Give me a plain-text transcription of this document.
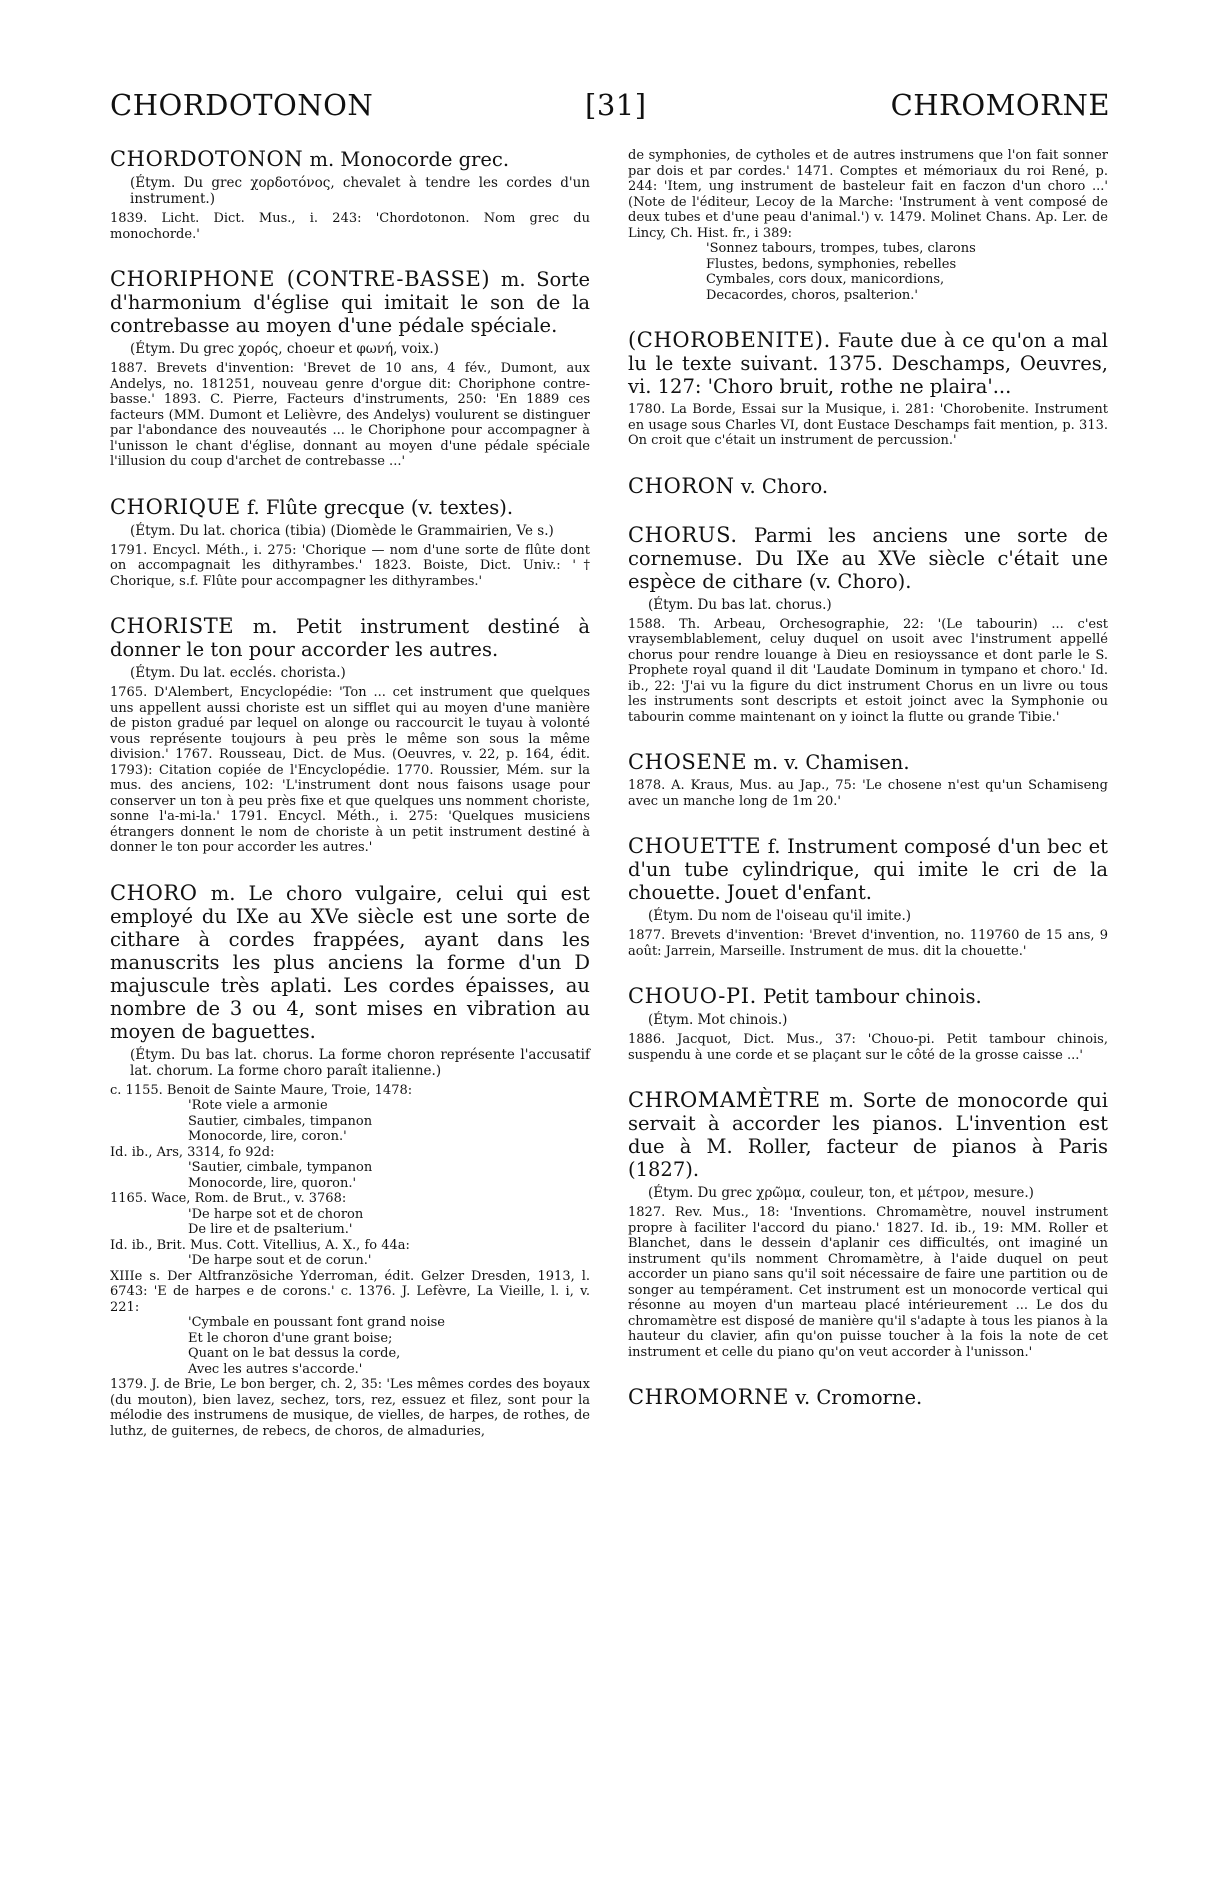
CHORDOTONON	[31]	CHROMORNE

CHORDOTONON m. Monocorde grec.

(Étym. Du grec χορδοτόνος, chevalet à tendre les cordes d'un instrument.)

1839. Licht. Dict. Mus., i. 243: 'Chordotonon. Nom grec du monochorde.'

CHORIPHONE (CONTRE-BASSE) m. Sorte d'harmonium d'église qui imitait le son de la contrebasse au moyen d'une pédale spéciale.

(Étym. Du grec χορός, choeur et φωνή, voix.)

1887. Brevets d'invention: 'Brevet de 10 ans, 4 fév., Dumont, aux Andelys, no. 181251, nouveau genre d'orgue dit: Choriphone contre-basse.' 1893. C. Pierre, Facteurs d'instruments, 250: 'En 1889 ces facteurs (MM. Dumont et Lelièvre, des Andelys) voulurent se distinguer par l'abondance des nouveautés ... le Choriphone pour accompagner à l'unisson le chant d'église, donnant au moyen d'une pédale spéciale l'illusion du coup d'archet de contrebasse ...'

CHORIQUE f. Flûte grecque (v. textes).

(Étym. Du lat. chorica (tibia) (Diomède le Grammairien, Ve s.)

1791. Encycl. Méth., i. 275: 'Chorique — nom d'une sorte de flûte dont on accompagnait les dithyrambes.' 1823. Boiste, Dict. Univ.: '† Chorique, s.f. Flûte pour accompagner les dithyrambes.'

CHORISTE m. Petit instrument destiné à donner le ton pour accorder les autres.

(Étym. Du lat. ecclés. chorista.)

1765. D'Alembert, Encyclopédie: 'Ton ... cet instrument que quelques uns appellent aussi choriste est un sifflet qui au moyen d'une manière de piston gradué par lequel on alonge ou raccourcit le tuyau à volonté vous représente toujours à peu près le même son sous la même division.' 1767. Rousseau, Dict. de Mus. (Oeuvres, v. 22, p. 164, édit. 1793): Citation copiée de l'Encyclopédie. 1770. Roussier, Mém. sur la mus. des anciens, 102: 'L'instrument dont nous faisons usage pour conserver un ton à peu près fixe et que quelques uns nomment choriste, sonne l'a-mi-la.' 1791. Encycl. Méth., i. 275: 'Quelques musiciens étrangers donnent le nom de choriste à un petit instrument destiné à donner le ton pour accorder les autres.'

CHORO m. Le choro vulgaire, celui qui est employé du IXe au XVe siècle est une sorte de cithare à cordes frappées, ayant dans les manuscrits les plus anciens la forme d'un D majuscule très aplati. Les cordes épaisses, au nombre de 3 ou 4, sont mises en vibration au moyen de baguettes.

(Étym. Du bas lat. chorus. La forme choron représente l'accusatif lat. chorum. La forme choro paraît italienne.)

c. 1155. Benoit de Sainte Maure, Troie, 1478:

'Rote viele a armonie
Sautier, cimbales, timpanon
Monocorde, lire, coron.'

Id. ib., Ars, 3314, fo 92d:

'Sautier, cimbale, tympanon
Monocorde, lire, quoron.'

1165. Wace, Rom. de Brut., v. 3768:

'De harpe sot et de choron
De lire et de psalterium.'

Id. ib., Brit. Mus. Cott. Vitellius, A. X., fo 44a:

'De harpe sout et de corun.'

XIIIe s. Der Altfranzösiche Yderroman, édit. Gelzer Dresden, 1913, l. 6743: 'E de harpes e de corons.' c. 1376. J. Lefèvre, La Vieille, l. i, v. 221:

'Cymbale en poussant font grand noise
Et le choron d'une grant boise;
Quant on le bat dessus la corde,
Avec les autres s'accorde.'

1379. J. de Brie, Le bon berger, ch. 2, 35: 'Les mêmes cordes des boyaux (du mouton), bien lavez, sechez, tors, rez, essuez et filez, sont pour la mélodie des instrumens de musique, de vielles, de harpes, de rothes, de luthz, de guiternes, de rebecs, de choros, de almaduries,

de symphonies, de cytholes et de autres instrumens que l'on fait sonner par dois et par cordes.' 1471. Comptes et mémoriaux du roi René, p. 244: 'Item, ung instrument de basteleur fait en faczon d'un choro ...' (Note de l'éditeur, Lecoy de la Marche: 'Instrument à vent composé de deux tubes et d'une peau d'animal.') v. 1479. Molinet Chans. Ap. Ler. de Lincy, Ch. Hist. fr., i 389:

'Sonnez tabours, trompes, tubes, clarons
Flustes, bedons, symphonies, rebelles
Cymbales, cors doux, manicordions,
Decacordes, choros, psalterion.'

(CHOROBENITE). Faute due à ce qu'on a mal lu le texte suivant. 1375. Deschamps, Oeuvres, vi. 127: 'Choro bruit, rothe ne plaira'...

1780. La Borde, Essai sur la Musique, i. 281: 'Chorobenite. Instrument en usage sous Charles VI, dont Eustace Deschamps fait mention, p. 313. On croit que c'était un instrument de percussion.'

CHORON v. Choro.

CHORUS. Parmi les anciens une sorte de cornemuse. Du IXe au XVe siècle c'était une espèce de cithare (v. Choro).

(Étym. Du bas lat. chorus.)

1588. Th. Arbeau, Orchesographie, 22: '(Le tabourin) ... c'est vraysemblablement, celuy duquel on usoit avec l'instrument appellé chorus pour rendre louange à Dieu en resioyssance et dont parle le S. Prophete royal quand il dit 'Laudate Dominum in tympano et choro.' Id. ib., 22: 'J'ai vu la figure du dict instrument Chorus en un livre ou tous les instruments sont descripts et estoit joinct avec la Symphonie ou tabourin comme maintenant on y ioinct la flutte ou grande Tibie.'

CHOSENE m. v. Chamisen.

1878. A. Kraus, Mus. au Jap., 75: 'Le chosene n'est qu'un Schamiseng avec un manche long de 1m 20.'

CHOUETTE f. Instrument composé d'un bec et d'un tube cylindrique, qui imite le cri de la chouette. Jouet d'enfant.

(Étym. Du nom de l'oiseau qu'il imite.)

1877. Brevets d'invention: 'Brevet d'invention, no. 119760 de 15 ans, 9 août: Jarrein, Marseille. Instrument de mus. dit la chouette.'

CHOUO-PI. Petit tambour chinois.

(Étym. Mot chinois.)

1886. Jacquot, Dict. Mus., 37: 'Chouo-pi. Petit tambour chinois, suspendu à une corde et se plaçant sur le côté de la grosse caisse ...'

CHROMAMÈTRE m. Sorte de monocorde qui servait à accorder les pianos. L'invention est due à M. Roller, facteur de pianos à Paris (1827).

(Étym. Du grec χρῶμα, couleur, ton, et μέτρον, mesure.)

1827. Rev. Mus., 18: 'Inventions. Chromamètre, nouvel instrument propre à faciliter l'accord du piano.' 1827. Id. ib., 19: MM. Roller et Blanchet, dans le dessein d'aplanir ces difficultés, ont imaginé un instrument qu'ils nomment Chromamètre, à l'aide duquel on peut accorder un piano sans qu'il soit nécessaire de faire une partition ou de songer au tempérament. Cet instrument est un monocorde vertical qui résonne au moyen d'un marteau placé intérieurement ... Le dos du chromamètre est disposé de manière qu'il s'adapte à tous les pianos à la hauteur du clavier, afin qu'on puisse toucher à la fois la note de cet instrument et celle du piano qu'on veut accorder à l'unisson.'

CHROMORNE v. Cromorne.
